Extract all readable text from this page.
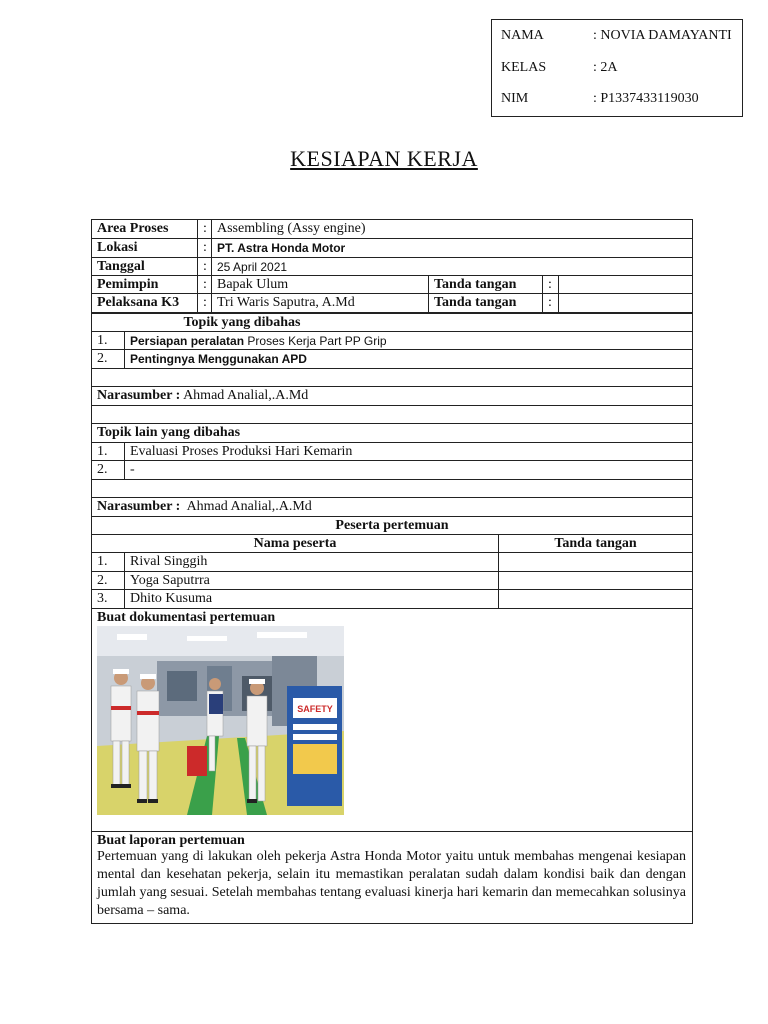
NAMA	: NOVIA DAMAYANTI
KELAS	: 2A
NIM	: P1337433119030
KESIAPAN KERJA
Area Proses	: Assembling (Assy engine)
Lokasi	: PT. Astra Honda Motor
Tanggal	: 25 April 2021
Pemimpin	: Bapak Ulum	Tanda tangan	:
Pelaksana K3	: Tri Waris Saputra, A.Md	Tanda tangan	:
Topik yang dibahas
1.	Persiapan peralatan Proses Kerja Part PP Grip
2.	Pentingnya Menggunakan APD
Narasumber : Ahmad Analial,.A.Md
Topik lain yang dibahas
1.	Evaluasi Proses Produksi Hari Kemarin
2.	-
Narasumber : Ahmad Analial,.A.Md
Peserta pertemuan
Nama peserta	Tanda tangan
1.	Rival Singgih
2.	Yoga Saputrra
3.	Dhito Kusuma
Buat dokumentasi pertemuan
SAFETY
Buat laporan pertemuan
Pertemuan yang di lakukan oleh pekerja Astra Honda Motor yaitu untuk membahas mengenai kesiapan mental dan kesehatan pekerja, selain itu memastikan peralatan sudah dalam kondisi baik dan dengan jumlah yang sesuai. Setelah membahas tentang evaluasi kinerja hari kemarin dan memecahkan solusinya bersama – sama.
